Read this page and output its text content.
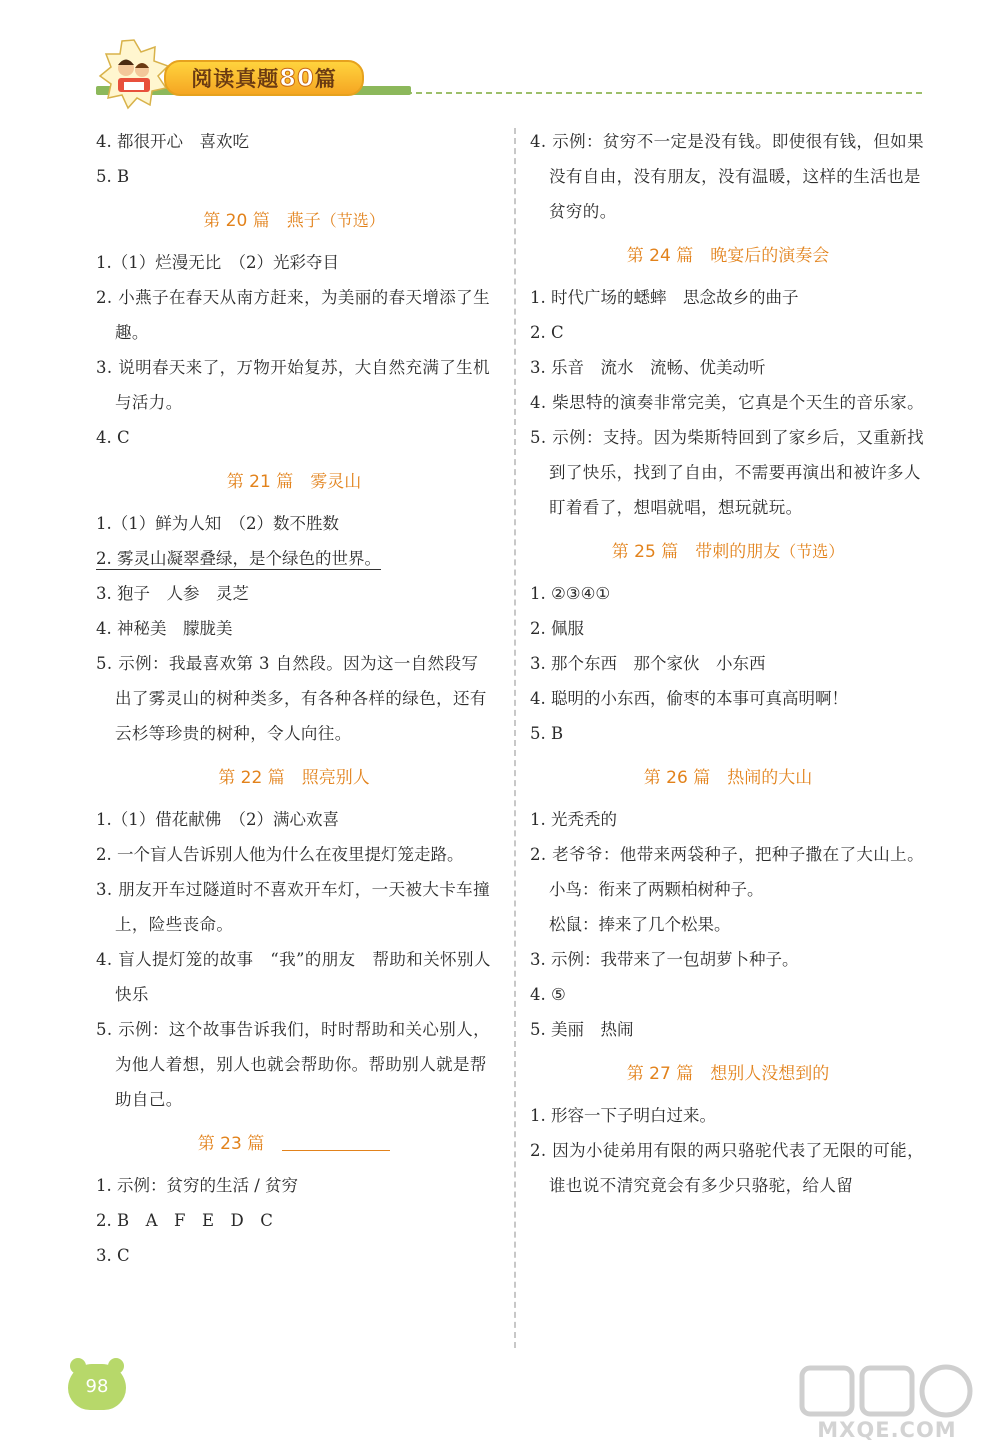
阅读真题80篇
4. 都很开心　喜欢吃
5. B
第 20 篇　燕子（节选）
1.（1）烂漫无比　（2）光彩夺目
2. 小燕子在春天从南方赶来，为美丽的春天增添了生趣。
3. 说明春天来了，万物开始复苏，大自然充满了生机与活力。
4. C
第 21 篇　雾灵山
1.（1）鲜为人知　（2）数不胜数
2. 雾灵山凝翠叠绿，是个绿色的世界。
3. 狍子　人参　灵芝
4. 神秘美　朦胧美
5. 示例：我最喜欢第 3 自然段。因为这一自然段写出了雾灵山的树种类多，有各种各样的绿色，还有云杉等珍贵的树种，令人向往。
第 22 篇　照亮别人
1.（1）借花献佛　（2）满心欢喜
2. 一个盲人告诉别人他为什么在夜里提灯笼走路。
3. 朋友开车过隧道时不喜欢开车灯，一天被大卡车撞上，险些丧命。
4. 盲人提灯笼的故事　“我”的朋友　帮助和关怀别人　快乐
5. 示例：这个故事告诉我们，时时帮助和关心别人，为他人着想，别人也就会帮助你。帮助别人就是帮助自己。
第 23 篇
1. 示例：贫穷的生活 / 贫穷
2. B　A　F　E　D　C
3. C
4. 示例：贫穷不一定是没有钱。即使很有钱，但如果没有自由，没有朋友，没有温暖，这样的生活也是贫穷的。
第 24 篇　晚宴后的演奏会
1. 时代广场的蟋蟀　思念故乡的曲子
2. C
3. 乐音　流水　流畅、优美动听
4. 柴思特的演奏非常完美，它真是个天生的音乐家。
5. 示例：支持。因为柴斯特回到了家乡后，又重新找到了快乐，找到了自由，不需要再演出和被许多人盯着看了，想唱就唱，想玩就玩。
第 25 篇　带刺的朋友（节选）
1. ②③④①
2. 佩服
3. 那个东西　那个家伙　小东西
4. 聪明的小东西，偷枣的本事可真高明啊！
5. B
第 26 篇　热闹的大山
1. 光秃秃的
2. 老爷爷：他带来两袋种子，把种子撒在了大山上。
小鸟：衔来了两颗柏树种子。
松鼠：捧来了几个松果。
3. 示例：我带来了一包胡萝卜种子。
4. ⑤
5. 美丽　热闹
第 27 篇　想别人没想到的
1. 形容一下子明白过来。
2. 因为小徒弟用有限的两只骆驼代表了无限的可能，谁也说不清究竟会有多少只骆驼，给人留
98
MXQE.COM
